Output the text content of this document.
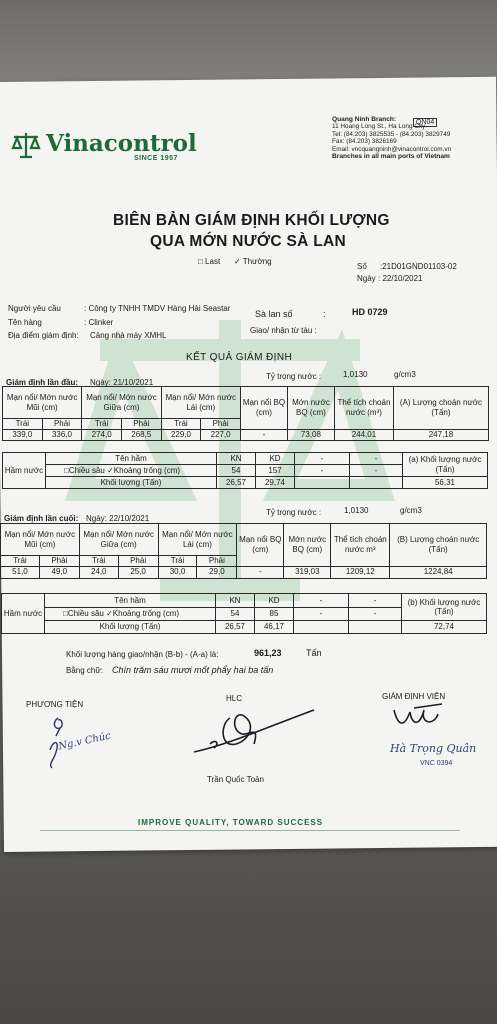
Vinacontrol
SINCE 1957
Quang Ninh Branch:
11 Hoang Long St., Ha Long City
Tel: (84.203) 3825535 - (84.203) 3829749
Fax: (84.203) 3826169
Email: vncquangninh@vinacontrol.com.vn
Branches in all main ports of Vietnam
QN04
BIÊN BẢN GIÁM ĐỊNH KHỐI LƯỢNG
QUA MỚN NƯỚC SÀ LAN
□ Last ✓ Thường
Số :21D01GND01103-02
Ngày : 22/10/2021
Người yêu cầu	: Công ty TNHH TMDV Hàng Hải Seastar
Tên hàng	: Clinker
Địa điểm giám định: Cảng nhà máy XMHL
Sà lan số	:	HD 0729
Giao/ nhận từ tàu :
KẾT QUẢ GIÁM ĐỊNH
Tỷ trọng nước :	1,0130	g/cm3
Giám định lần đầu: Ngày: 21/10/2021
Mạn nổi/ Mớn nước Mũi (cm)		Mạn nổi/ Mớn nước Giữa (cm)		Mạn nổi/ Mớn nước Lái (cm)		Mạn nổi BQ (cm)	Mớn nước BQ (cm)	Thể tích choán nước (m³)	(A) Lượng choán nước (Tấn)
Trái	Phải	Trái	Phải	Trái	Phải				
339,0	336,0	274,0	268,5	229,0	227,0	-	73,08	244,01	247,18
Hầm nước	Tên hầm	KN	KD	-	-	(a) Khối lượng nước (Tấn)
	□Chiều sâu ✓Khoảng trống (cm)	54	157	-	-	
	Khối lượng (Tấn)	26,57	29,74			56,31
Tỷ trọng nước :	1,0130	g/cm3
Giám định lần cuối: Ngày: 22/10/2021
Mạn nổi/ Mớn nước Mũi (cm)		Mạn nổi/ Mớn nước Giữa (cm)		Mạn nổi/ Mớn nước Lái (cm)		Mạn nổi BQ (cm)	Mớn nước BQ (cm)	Thể tích choán nước m³	(B) Lượng choán nước (Tấn)
Trái	Phải	Trái	Phải	Trái	Phải				
51,0	49,0	24,0	25,0	30,0	29,0	-	319,03	1209,12	1224,84
Hầm nước	Tên hầm	KN	KD	-	-	(b) Khối lượng nước (Tấn)
	□Chiều sâu ✓Khoảng trống (cm)	54	85	-	-	
	Khối lượng (Tấn)	26,57	46,17			72,74
Khối lượng hàng giao/nhận (B-b) - (A-a) là:	961,23	Tấn
Bằng chữ: Chín trăm sáu mươi mốt phẩy hai ba tấn
PHƯƠNG TIỆN
HLC	GIÁM ĐỊNH VIÊN
Ng.v Chúc
Trần Quốc Toản
Hà Trọng Quân
VNC 0394
IMPROVE QUALITY, TOWARD SUCCESS
